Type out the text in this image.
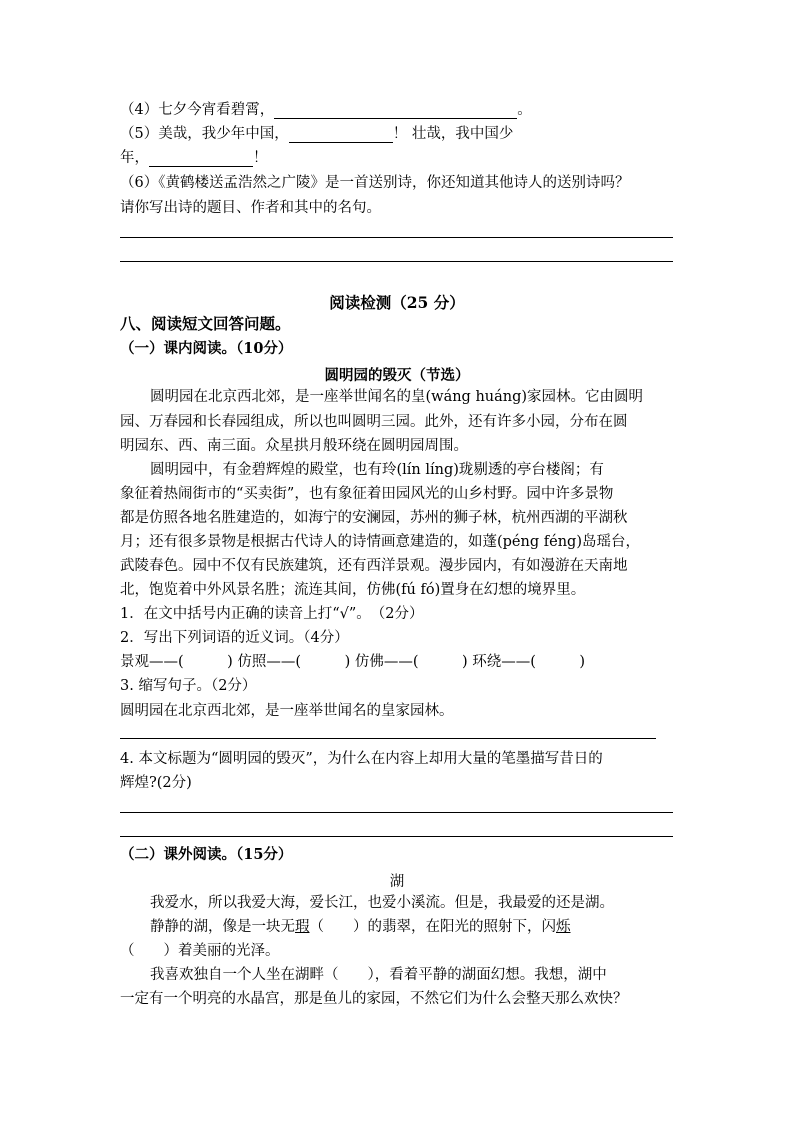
（4）七夕今宵看碧霄，	。
（5）美哉，我少年中国，	！ 壮哉，我中国少
年，	！
（6）《黄鹤楼送孟浩然之广陵》是一首送别诗，你还知道其他诗人的送别诗吗？
请你写出诗的题目、作者和其中的名句。
阅读检测（25 分）
八、阅读短文回答问题。
（一）课内阅读。（10分）
圆明园的毁灭（节选）
圆明园在北京西北郊，是一座举世闻名的皇(wáng huáng)家园林。它由圆明
园、万春园和长春园组成，所以也叫圆明三园。此外，还有许多小园，分布在圆
明园东、西、南三面。众星拱月般环绕在圆明园周围。
圆明园中，有金碧辉煌的殿堂，也有玲(lín líng)珑剔透的亭台楼阁；有
象征着热闹街市的“买卖街”，也有象征着田园风光的山乡村野。园中许多景物
都是仿照各地名胜建造的，如海宁的安澜园，苏州的狮子林，杭州西湖的平湖秋
月；还有很多景物是根据古代诗人的诗情画意建造的，如蓬(péng féng)岛瑶台，
武陵春色。园中不仅有民族建筑，还有西洋景观。漫步园内，有如漫游在天南地
北，饱览着中外风景名胜；流连其间，仿佛(fú fó)置身在幻想的境界里。
1．在文中括号内正确的读音上打“√”。　（2分）
2．写出下列词语的近义词。（4分）
景观——(　　　) 仿照——(　　　) 仿佛——(　　　) 环绕——(　　　)
3. 缩写句子。（2分）
圆明园在北京西北郊，是一座举世闻名的皇家园林。
4. 本文标题为“圆明园的毁灭”，为什么在内容上却用大量的笔墨描写昔日的
辉煌?(2分)
（二）课外阅读。（15分）
湖
我爱水，所以我爱大海，爱长江，也爱小溪流。但是，我最爱的还是湖。
静静的湖，像是一块无瑕（　　）的翡翠，在阳光的照射下，闪烁
（　　）着美丽的光泽。
我喜欢独自一个人坐在湖畔（　　），看着平静的湖面幻想。我想，湖中
一定有一个明亮的水晶宫，那是鱼儿的家园，不然它们为什么会整天那么欢快？
